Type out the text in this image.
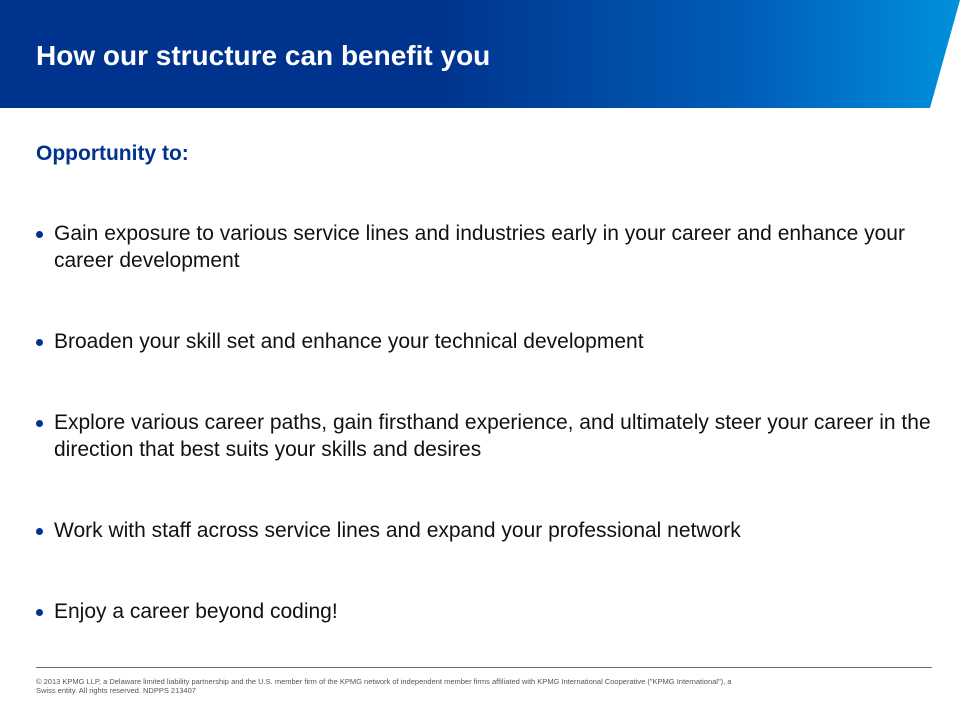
How our structure can benefit you
Opportunity to:
Gain exposure to various service lines and industries early in your career and enhance your career development
Broaden your skill set and enhance your technical development
Explore various career paths, gain firsthand experience, and ultimately steer your career in the direction that best suits your skills and desires
Work with staff across service lines and expand your professional network
Enjoy a career beyond coding!

© 2013 KPMG LLP, a Delaware limited liability partnership and the U.S. member firm of the KPMG network of independent member firms affiliated with KPMG International Cooperative ("KPMG International"), a Swiss entity. All rights reserved. NDPPS 213407
